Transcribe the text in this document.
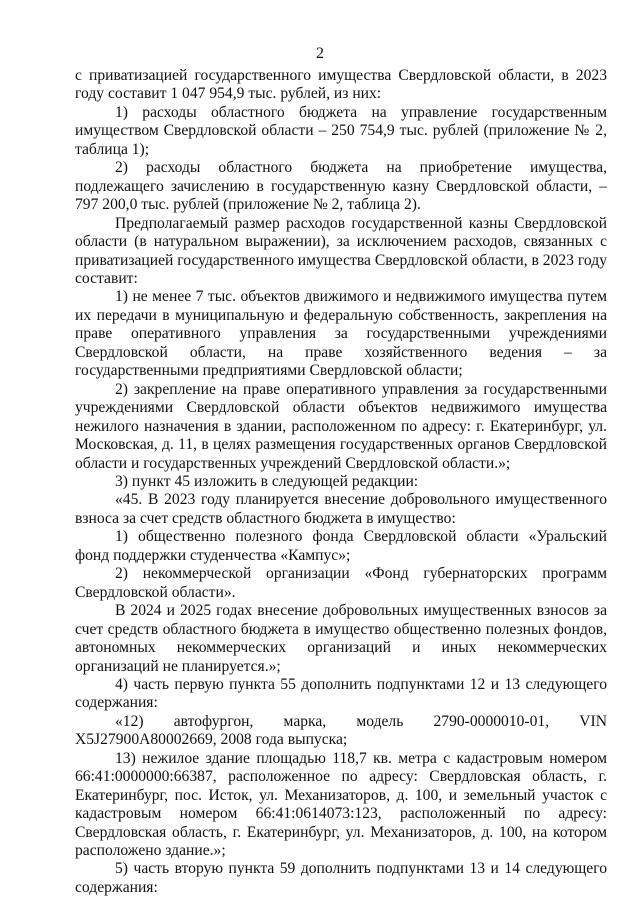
2

с приватизацией государственного имущества Свердловской области, в 2023 году составит 1 047 954,9 тыс. рублей, из них:

1) расходы областного бюджета на управление государственным имуществом Свердловской области – 250 754,9 тыс. рублей (приложение № 2, таблица 1);

2) расходы областного бюджета на приобретение имущества, подлежащего зачислению в государственную казну Свердловской области, – 797 200,0 тыс. рублей (приложение № 2, таблица 2).

Предполагаемый размер расходов государственной казны Свердловской области (в натуральном выражении), за исключением расходов, связанных с приватизацией государственного имущества Свердловской области, в 2023 году составит:

1) не менее 7 тыс. объектов движимого и недвижимого имущества путем их передачи в муниципальную и федеральную собственность, закрепления на праве оперативного управления за государственными учреждениями Свердловской области, на праве хозяйственного ведения – за государственными предприятиями Свердловской области;

2) закрепление на праве оперативного управления за государственными учреждениями Свердловской области объектов недвижимого имущества нежилого назначения в здании, расположенном по адресу: г. Екатеринбург, ул. Московская, д. 11, в целях размещения государственных органов Свердловской области и государственных учреждений Свердловской области.»;

3) пункт 45 изложить в следующей редакции:

«45. В 2023 году планируется внесение добровольного имущественного взноса за счет средств областного бюджета в имущество:

1) общественно полезного фонда Свердловской области «Уральский фонд поддержки студенчества «Кампус»;

2) некоммерческой организации «Фонд губернаторских программ Свердловской области».

В 2024 и 2025 годах внесение добровольных имущественных взносов за счет средств областного бюджета в имущество общественно полезных фондов, автономных некоммерческих организаций и иных некоммерческих организаций не планируется.»;

4) часть первую пункта 55 дополнить подпунктами 12 и 13 следующего содержания:

«12) автофургон, марка, модель 2790-0000010-01, VIN X5J27900A80002669, 2008 года выпуска;

13) нежилое здание площадью 118,7 кв. метра с кадастровым номером 66:41:0000000:66387, расположенное по адресу: Свердловская область, г. Екатеринбург, пос. Исток, ул. Механизаторов, д. 100, и земельный участок с кадастровым номером 66:41:0614073:123, расположенный по адресу: Свердловская область, г. Екатеринбург, ул. Механизаторов, д. 100, на котором расположено здание.»;

5) часть вторую пункта 59 дополнить подпунктами 13 и 14 следующего содержания:
